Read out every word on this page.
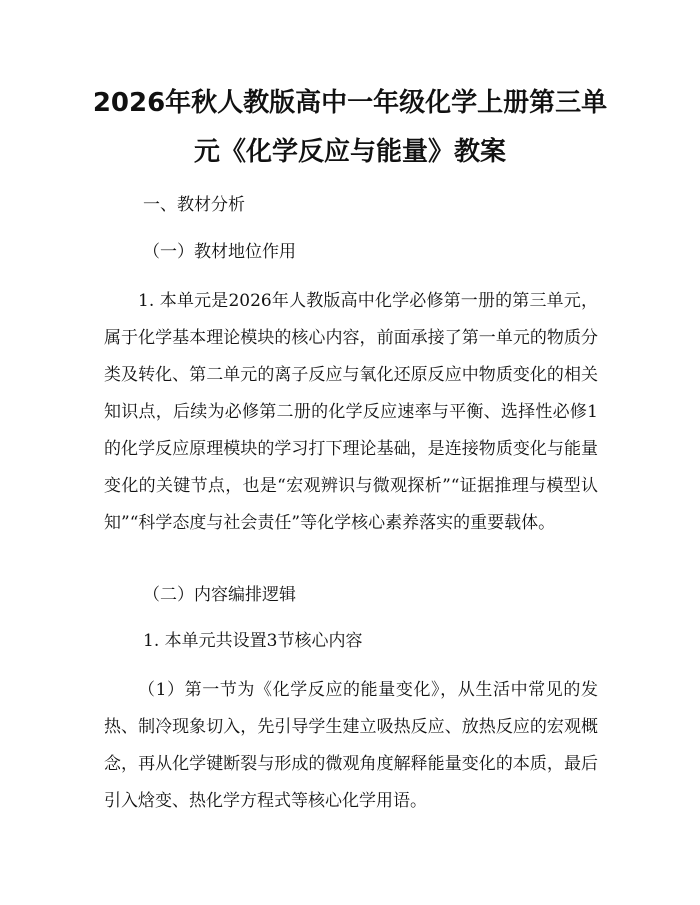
2026年秋人教版高中一年级化学上册第三单
元《化学反应与能量》教案

一、教材分析

（一）教材地位作用

1. 本单元是2026年人教版高中化学必修第一册的第三单元，属于化学基本理论模块的核心内容，前面承接了第一单元的物质分类及转化、第二单元的离子反应与氧化还原反应中物质变化的相关知识点，后续为必修第二册的化学反应速率与平衡、选择性必修1的化学反应原理模块的学习打下理论基础，是连接物质变化与能量变化的关键节点，也是“宏观辨识与微观探析”“证据推理与模型认知”“科学态度与社会责任”等化学核心素养落实的重要载体。

（二）内容编排逻辑

1. 本单元共设置3节核心内容

（1）第一节为《化学反应的能量变化》，从生活中常见的发热、制冷现象切入，先引导学生建立吸热反应、放热反应的宏观概念，再从化学键断裂与形成的微观角度解释能量变化的本质，最后引入焓变、热化学方程式等核心化学用语。
